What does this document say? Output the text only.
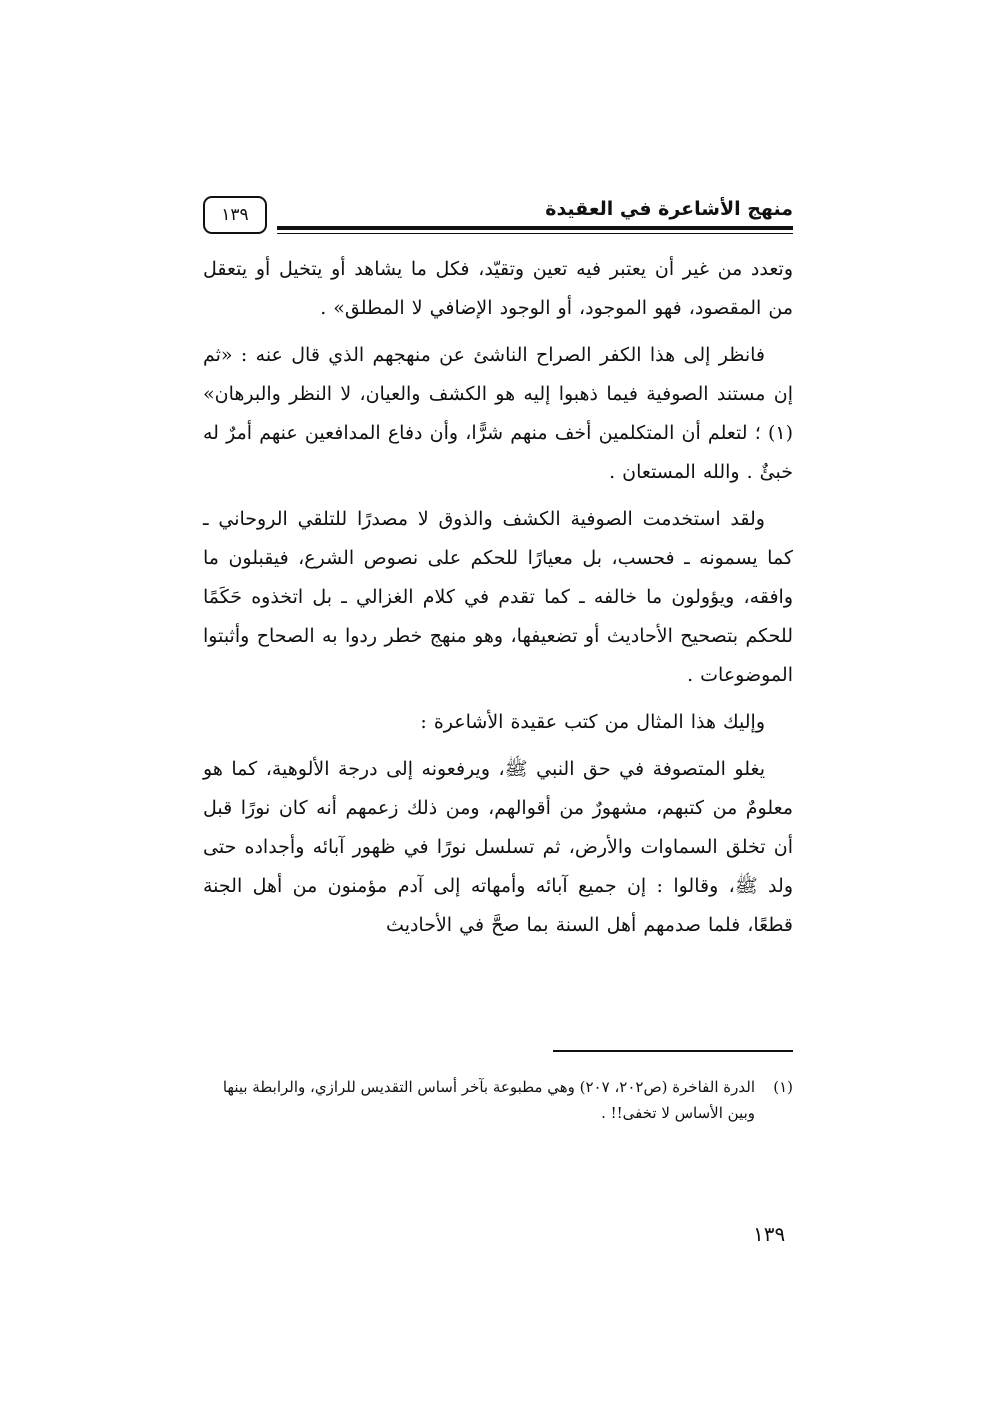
منهج الأشاعرة في العقيدة
١٣٩

وتعدد من غير أن يعتبر فيه تعين وتقيّد، فكل ما يشاهد أو يتخيل أو يتعقل من المقصود، فهو الموجود، أو الوجود الإضافي لا المطلق» .

فانظر إلى هذا الكفر الصراح الناشئ عن منهجهم الذي قال عنه : «ثم إن مستند الصوفية فيما ذهبوا إليه هو الكشف والعيان، لا النظر والبرهان» (١) ؛ لتعلم أن المتكلمين أخف منهم شرًّا، وأن دفاع المدافعين عنهم أمرٌ له خبئٌ . والله المستعان .

ولقد استخدمت الصوفية الكشف والذوق لا مصدرًا للتلقي الروحاني ـ كما يسمونه ـ فحسب، بل معيارًا للحكم على نصوص الشرع، فيقبلون ما وافقه، ويؤولون ما خالفه ـ كما تقدم في كلام الغزالي ـ بل اتخذوه حَكَمًا للحكم بتصحيح الأحاديث أو تضعيفها، وهو منهج خطر ردوا به الصحاح وأثبتوا الموضوعات .

وإليك هذا المثال من كتب عقيدة الأشاعرة :

يغلو المتصوفة في حق النبي ﷺ، ويرفعونه إلى درجة الألوهية، كما هو معلومٌ من كتبهم، مشهورٌ من أقوالهم، ومن ذلك زعمهم أنه كان نورًا قبل أن تخلق السماوات والأرض، ثم تسلسل نورًا في ظهور آبائه وأجداده حتى ولد ﷺ، وقالوا : إن جميع آبائه وأمهاته إلى آدم مؤمنون من أهل الجنة قطعًا، فلما صدمهم أهل السنة بما صحَّ في الأحاديث

(١)

الدرة الفاخرة (ص٢٠٢، ٢٠٧) وهي مطبوعة بآخر أساس التقديس للرازي، والرابطة بينها وبين الأساس لا تخفى!! .

١٣٩
